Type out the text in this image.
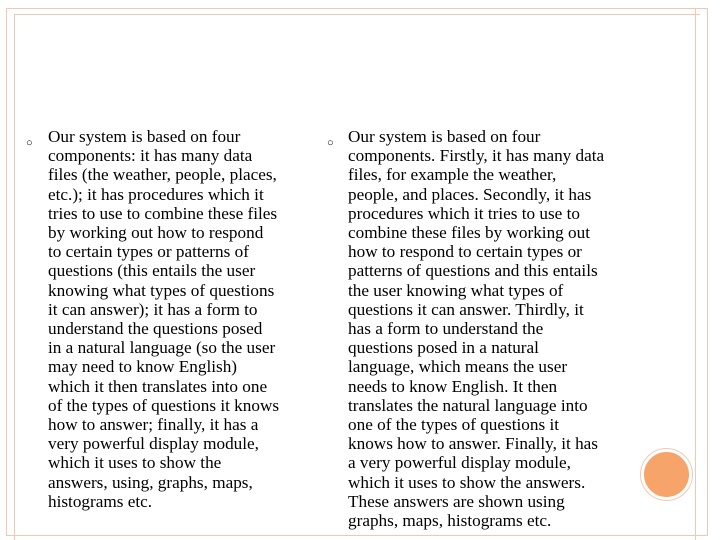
○	○
Our system is based on four
components: it has many data
files (the weather, people, places,
etc.); it has procedures which it
tries to use to combine these files
by working out how to respond
to certain types or patterns of
questions (this entails the user
knowing what types of questions
it can answer); it has a form to
understand the questions posed
in a natural language (so the user
may need to know English)
which it then translates into one
of the types of questions it knows
how to answer; finally, it has a
very powerful display module,
which it uses to show the
answers, using, graphs, maps,
histograms etc.
Our system is based on four
components. Firstly, it has many data
files, for example the weather,
people, and places. Secondly, it has
procedures which it tries to use to
combine these files by working out
how to respond to certain types or
patterns of questions and this entails
the user knowing what types of
questions it can answer. Thirdly, it
has a form to understand the
questions posed in a natural
language, which means the user
needs to know English. It then
translates the natural language into
one of the types of questions it
knows how to answer. Finally, it has
a very powerful display module,
which it uses to show the answers.
These answers are shown using
graphs, maps, histograms etc.
